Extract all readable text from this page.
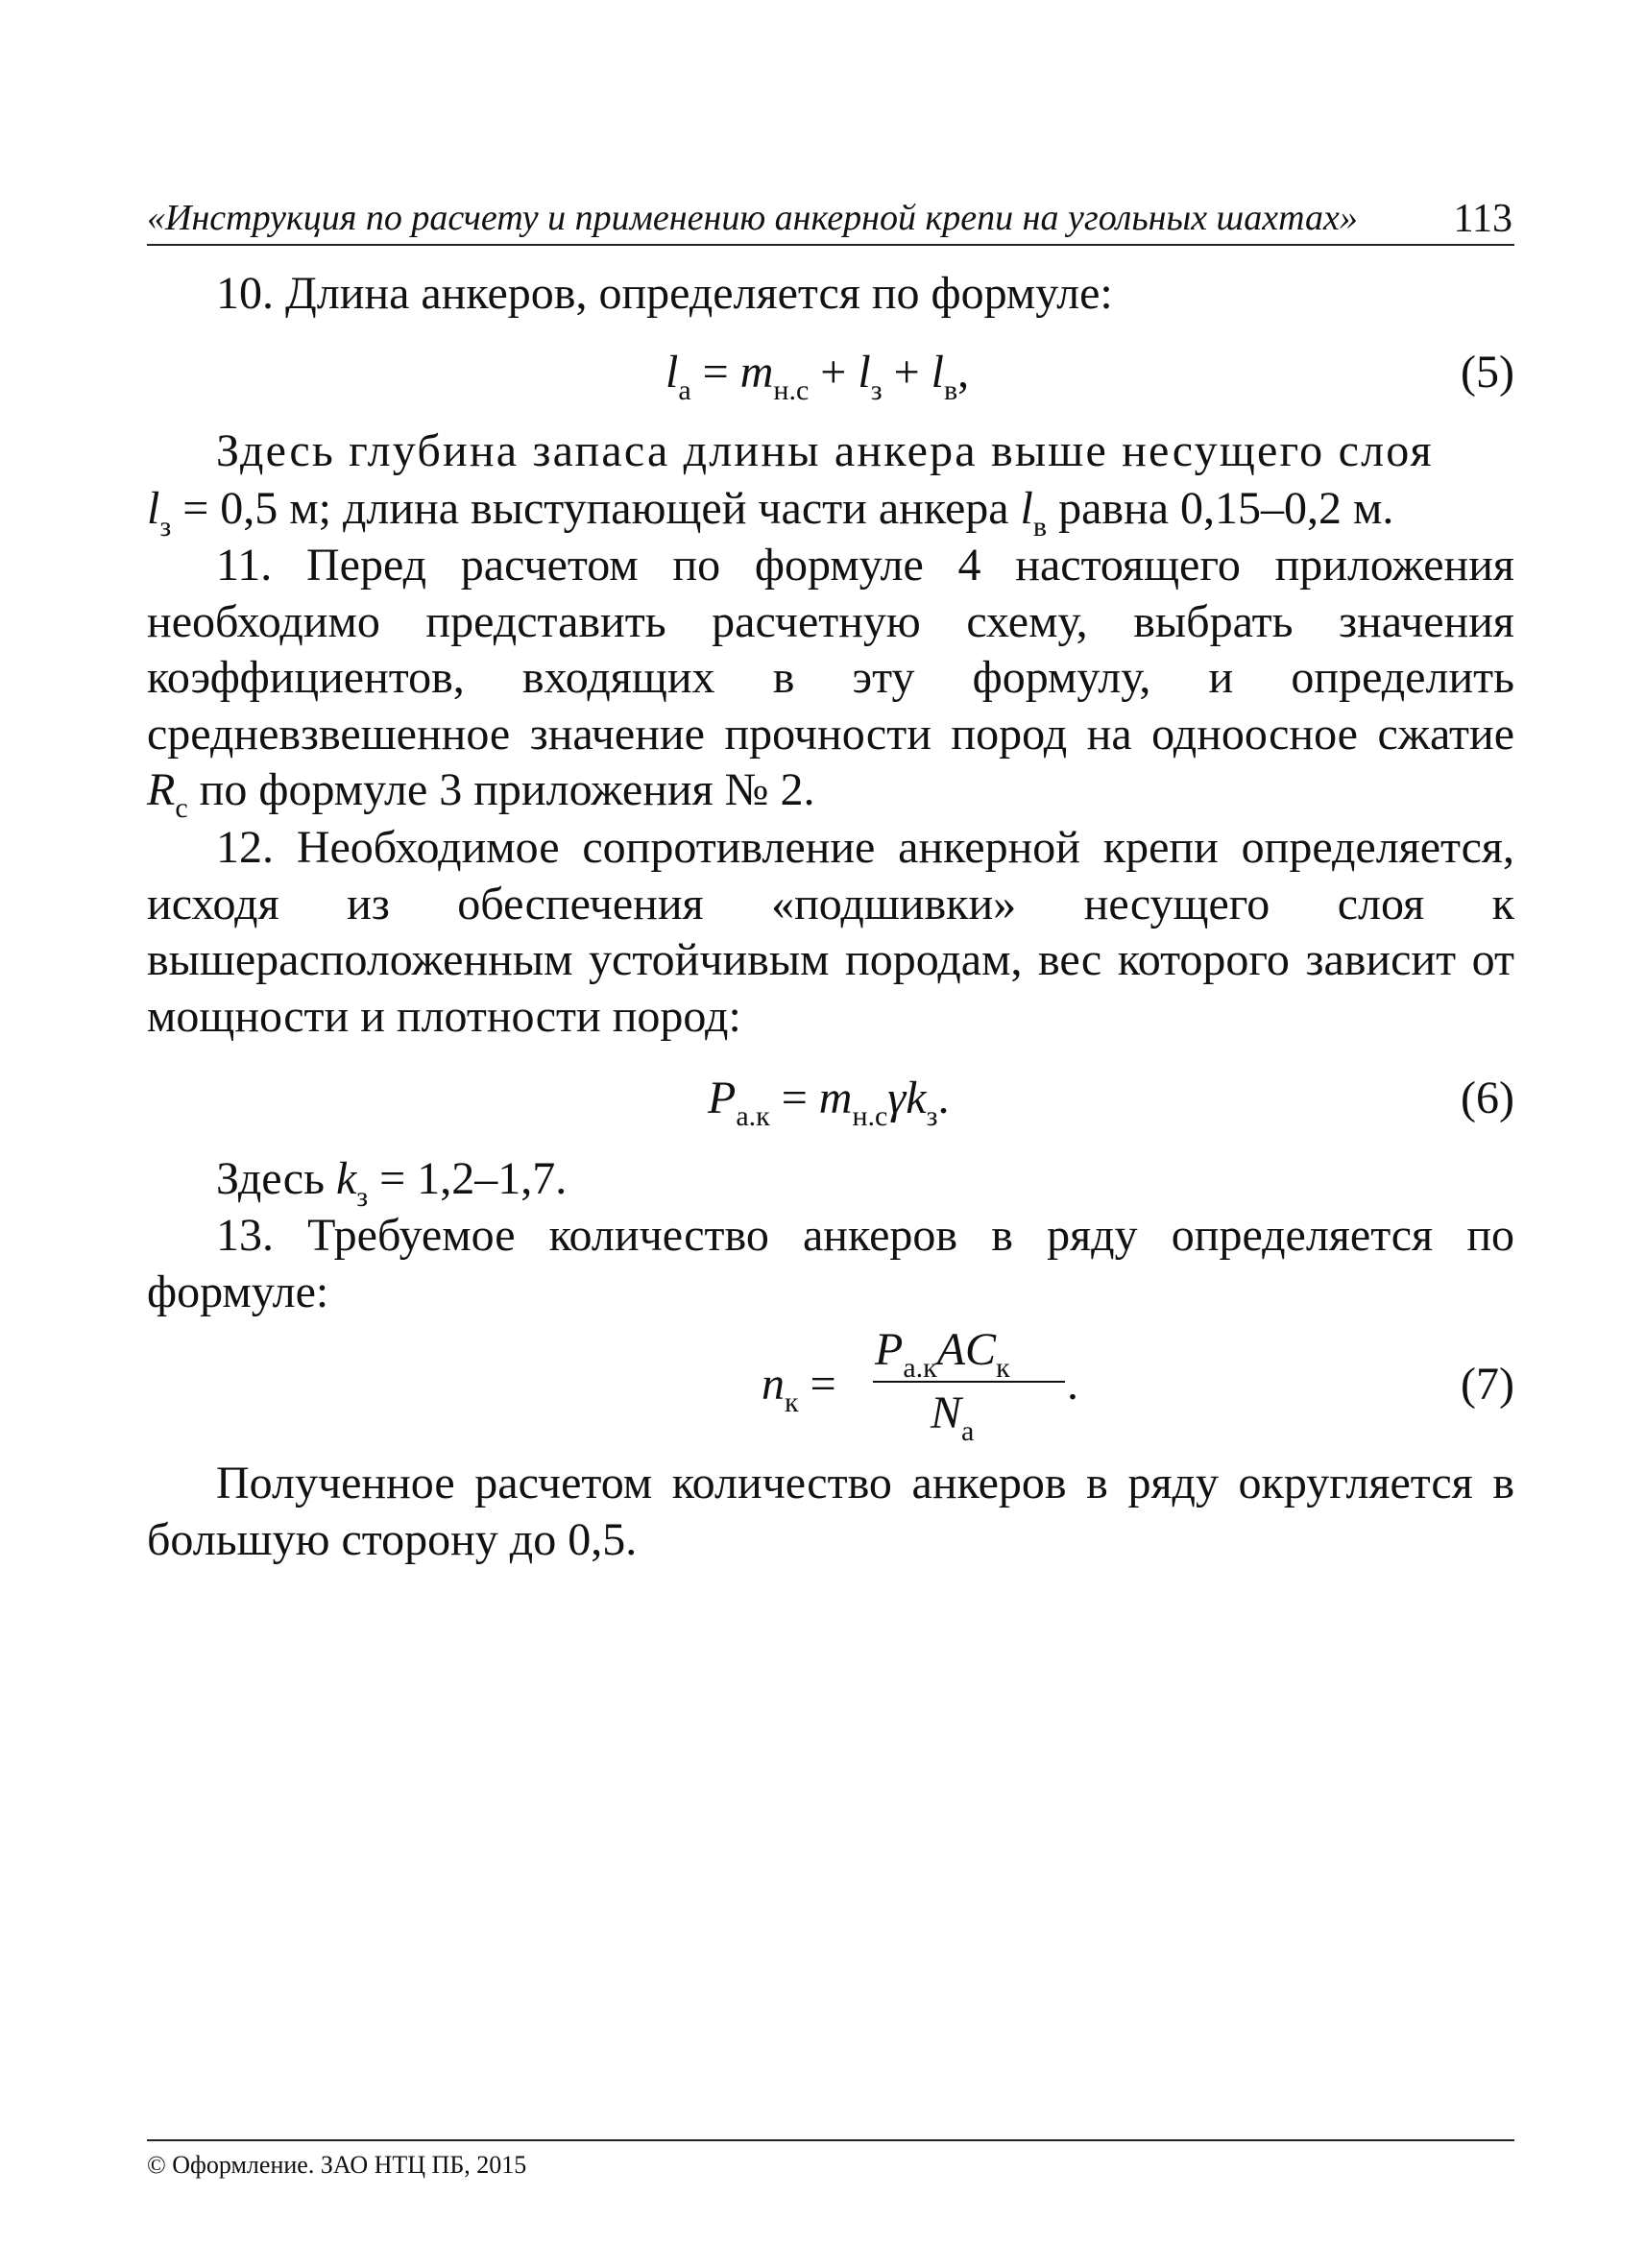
«Инструкция по расчету и применению анкерной крепи на угольных шахтах» 113

10. Длина анкеров, определяется по формуле:

$l_а = m_{н.с} + l_з + l_в$,	(5)

Здесь глубина запаса длины анкера выше несущего слоя

$l_з = 0,5$ м; длина выступающей части анкера $l_в$ равна 0,15–0,2 м.

11. Перед расчетом по формуле 4 настоящего приложения необходимо представить расчетную схему, выбрать значения коэффициентов, входящих в эту формулу, и определить средневзвешенное значение прочности пород на одноосное сжатие $R_с$ по формуле 3 приложения № 2.

12. Необходимое сопротивление анкерной крепи определяется, исходя из обеспечения «подшивки» несущего слоя к вышерасположенным устойчивым породам, вес которого зависит от мощности и плотности пород:

$P_{а.к} = m_{н.с}\gamma k_з$.	(6)

Здесь $k_з = 1,2-1,7$.

13. Требуемое количество анкеров в ряду определяется по формуле:

$n_к$ =
$P_{а.к}AC_к$
$N_а$
.	(7)

Полученное расчетом количество анкеров в ряду округляется в большую сторону до 0,5.

© Оформление. ЗАО НТЦ ПБ, 2015
